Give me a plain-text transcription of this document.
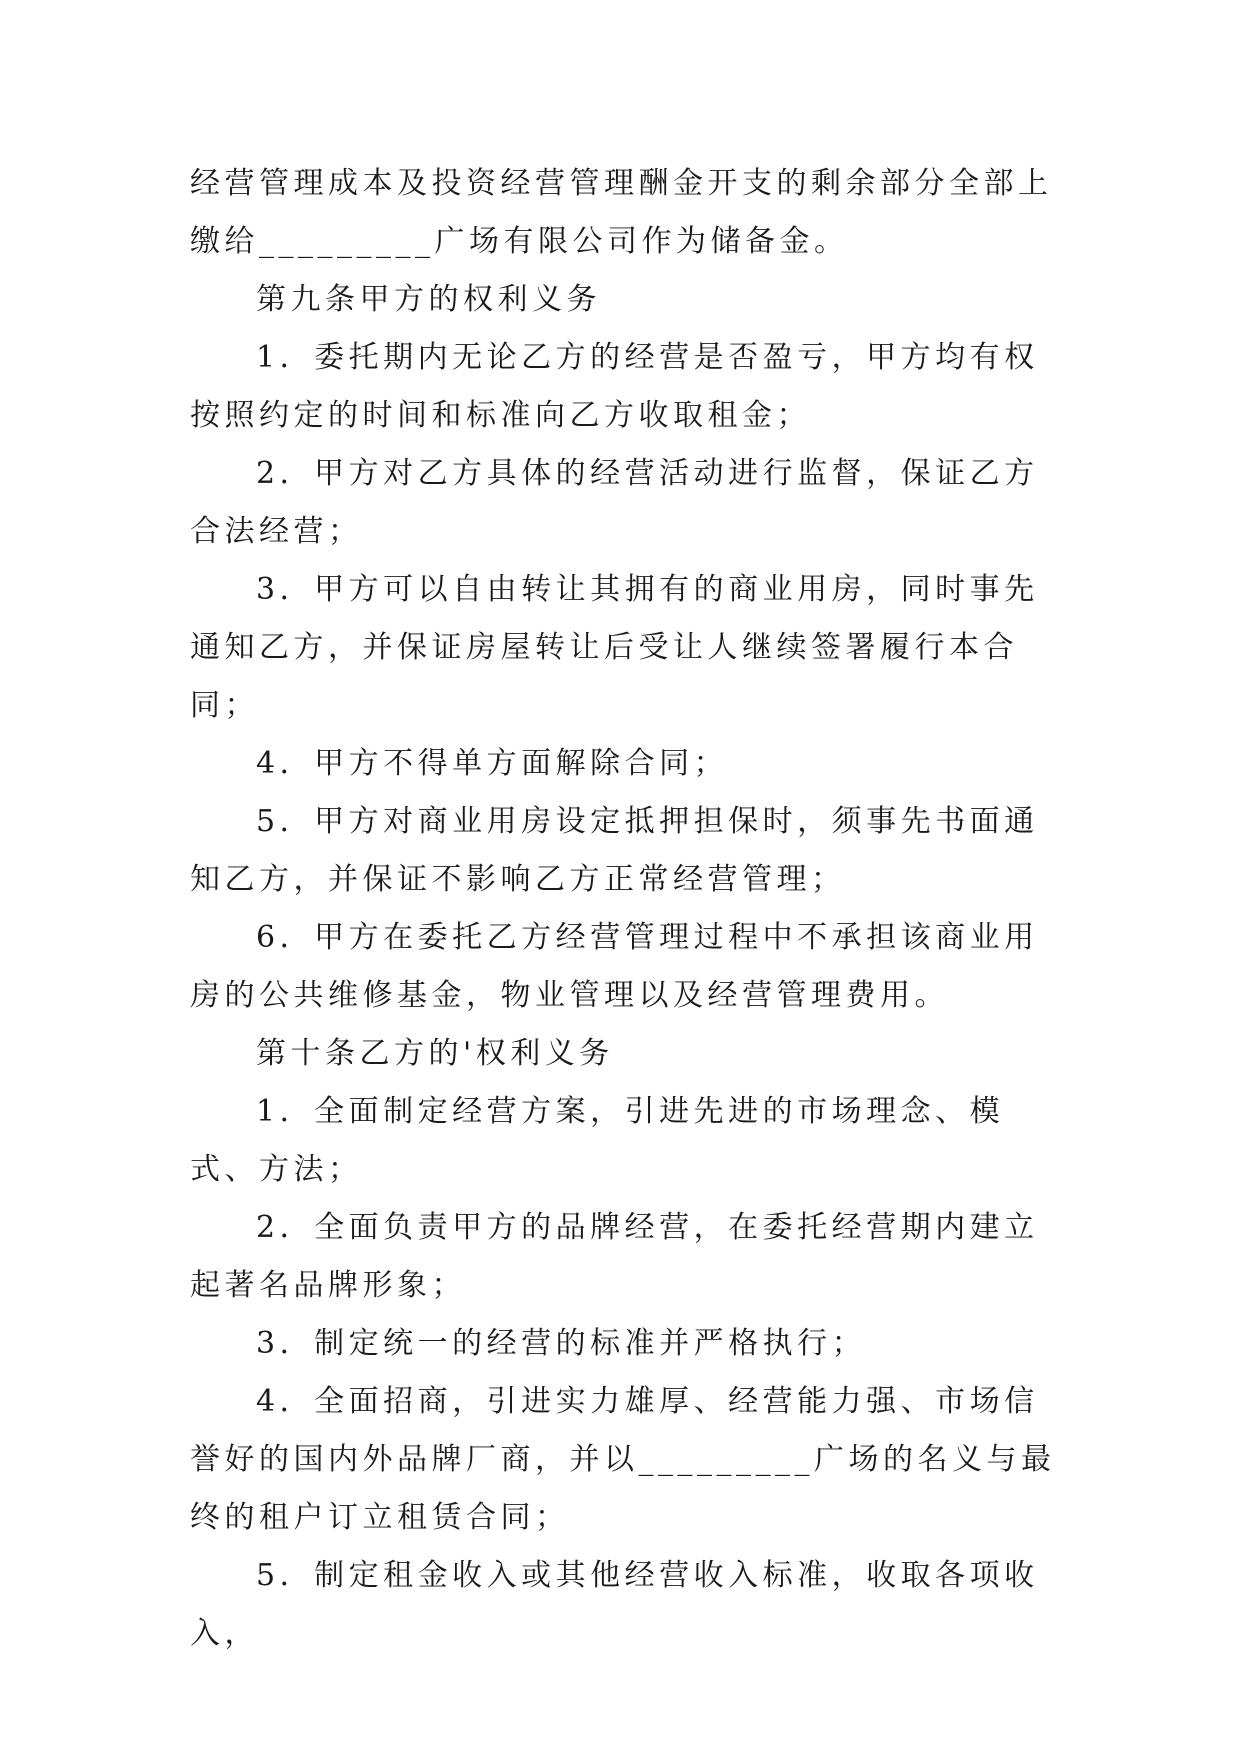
经营管理成本及投资经营管理酬金开支的剩余部分全部上缴给_________广场有限公司作为储备金。

第九条甲方的权利义务

1．委托期内无论乙方的经营是否盈亏，甲方均有权按照约定的时间和标准向乙方收取租金；

2．甲方对乙方具体的经营活动进行监督，保证乙方合法经营；

3．甲方可以自由转让其拥有的商业用房，同时事先通知乙方，并保证房屋转让后受让人继续签署履行本合同；

4．甲方不得单方面解除合同；

5．甲方对商业用房设定抵押担保时，须事先书面通知乙方，并保证不影响乙方正常经营管理；

6．甲方在委托乙方经营管理过程中不承担该商业用房的公共维修基金，物业管理以及经营管理费用。

第十条乙方的'权利义务

1．全面制定经营方案，引进先进的市场理念、模式、方法；

2．全面负责甲方的品牌经营，在委托经营期内建立起著名品牌形象；

3．制定统一的经营的标准并严格执行；

4．全面招商，引进实力雄厚、经营能力强、市场信誉好的国内外品牌厂商，并以_________广场的名义与最终的租户订立租赁合同；

5．制定租金收入或其他经营收入标准，收取各项收入，
